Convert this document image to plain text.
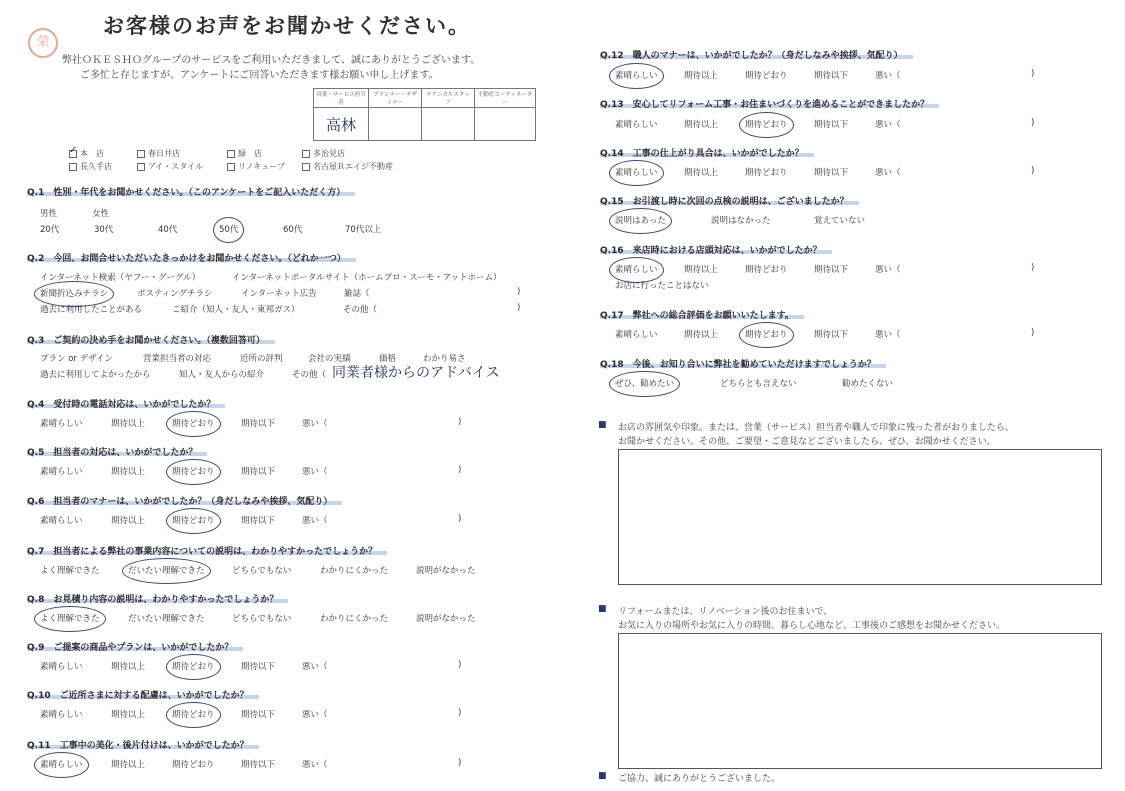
荣
お客様のお声をお聞かせください。
弊社ＯＫＥＳＨＯグループのサービスをご利用いただきまして、誠にありがとうございます。
ご多忙と存じますが、アンケートにご回答いただきます様お願い申し上げます。
営業・サービス担当者	プランナー・デザイナー	テクニカルスタッフ	不動産コーディネーター
高林			
✓本　店	春日井店	緑　店	多治見店
長久手店	アイ・スタイル	リノキューブ	名古屋Ｒエイジ不動産
Q.1　性別・年代をお聞かせください。（このアンケートをご記入いただく方）
男性	女性
20代	30代	40代	50代	60代	70代以上
Q.2　今回、お問合せいただいたきっかけをお聞かせください。（どれか一つ）
インターネット検索（ヤフー・グーグル）	インターネットポータルサイト（ホームプロ・スーモ・アットホーム）
新聞折込みチラシ	ポスティングチラシ	インターネット広告	雑誌（	)
過去に利用したことがある	ご紹介（知人・友人・東邦ガス）	その他（	)
Q.3　ご契約の決め手をお聞かせください。（複数回答可）
プラン or デザイン	営業担当者の対応	近所の評判	会社の実績	価格	わかり易さ
過去に利用してよかったから	知人・友人からの紹介	その他（ 同業者様からのアドバイス
Q.4　受付時の電話対応は、いかがでしたか？
素晴らしい	期待以上	期待どおり	期待以下	悪い（	)
Q.5　担当者の対応は、いかがでしたか？
素晴らしい	期待以上	期待どおり	期待以下	悪い（	)
Q.6　担当者のマナーは、いかがでしたか？（身だしなみや挨拶、気配り）
素晴らしい	期待以上	期待どおり	期待以下	悪い（	)
Q.7　担当者による弊社の事業内容についての説明は、わかりやすかったでしょうか？
よく理解できた	だいたい理解できた	どちらでもない	わかりにくかった	説明がなかった
Q.8　お見積り内容の説明は、わかりやすかったでしょうか？
よく理解できた	だいたい理解できた	どちらでもない	わかりにくかった	説明がなかった
Q.9　ご提案の商品やプランは、いかがでしたか？
素晴らしい	期待以上	期待どおり	期待以下	悪い（	)
Q.10　ご近所さまに対する配慮は、いかがでしたか？
素晴らしい	期待以上	期待どおり	期待以下	悪い（	)
Q.11　工事中の美化・後片付けは、いかがでしたか？
素晴らしい	期待以上	期待どおり	期待以下	悪い（	)
Q.12　職人のマナーは、いかがでしたか？（身だしなみや挨拶、気配り）
素晴らしい	期待以上	期待どおり	期待以下	悪い（	)
Q.13　安心してリフォーム工事・お住まいづくりを進めることができましたか？
素晴らしい	期待以上	期待どおり	期待以下	悪い（	)
Q.14　工事の仕上がり具合は、いかがでしたか？
素晴らしい	期待以上	期待どおり	期待以下	悪い（	)
Q.15　お引渡し時に次回の点検の説明は、ございましたか？
説明はあった	説明はなかった	覚えていない
Q.16　来店時における店頭対応は、いかがでしたか？
素晴らしい	期待以上	期待どおり	期待以下	悪い（	)
お店に行ったことはない
Q.17　弊社への総合評価をお願いいたします。
素晴らしい	期待以上	期待どおり	期待以下	悪い（	)
Q.18　今後、お知り合いに弊社を勧めていただけますでしょうか？
ぜひ、勧めたい	どちらとも言えない	勧めたくない
■ お店の雰囲気や印象。または、営業（サービス）担当者や職人で印象に残った者がおりましたら、
お聞かせください。その他、ご要望・ご意見などございましたら、ぜひ、お聞かせください。
■ リフォームまたは、リノベーション後のお住まいで、
お気に入りの場所やお気に入りの時間、暮らし心地など、工事後のご感想をお聞かせください。
■ ご協力、誠にありがとうございました。
